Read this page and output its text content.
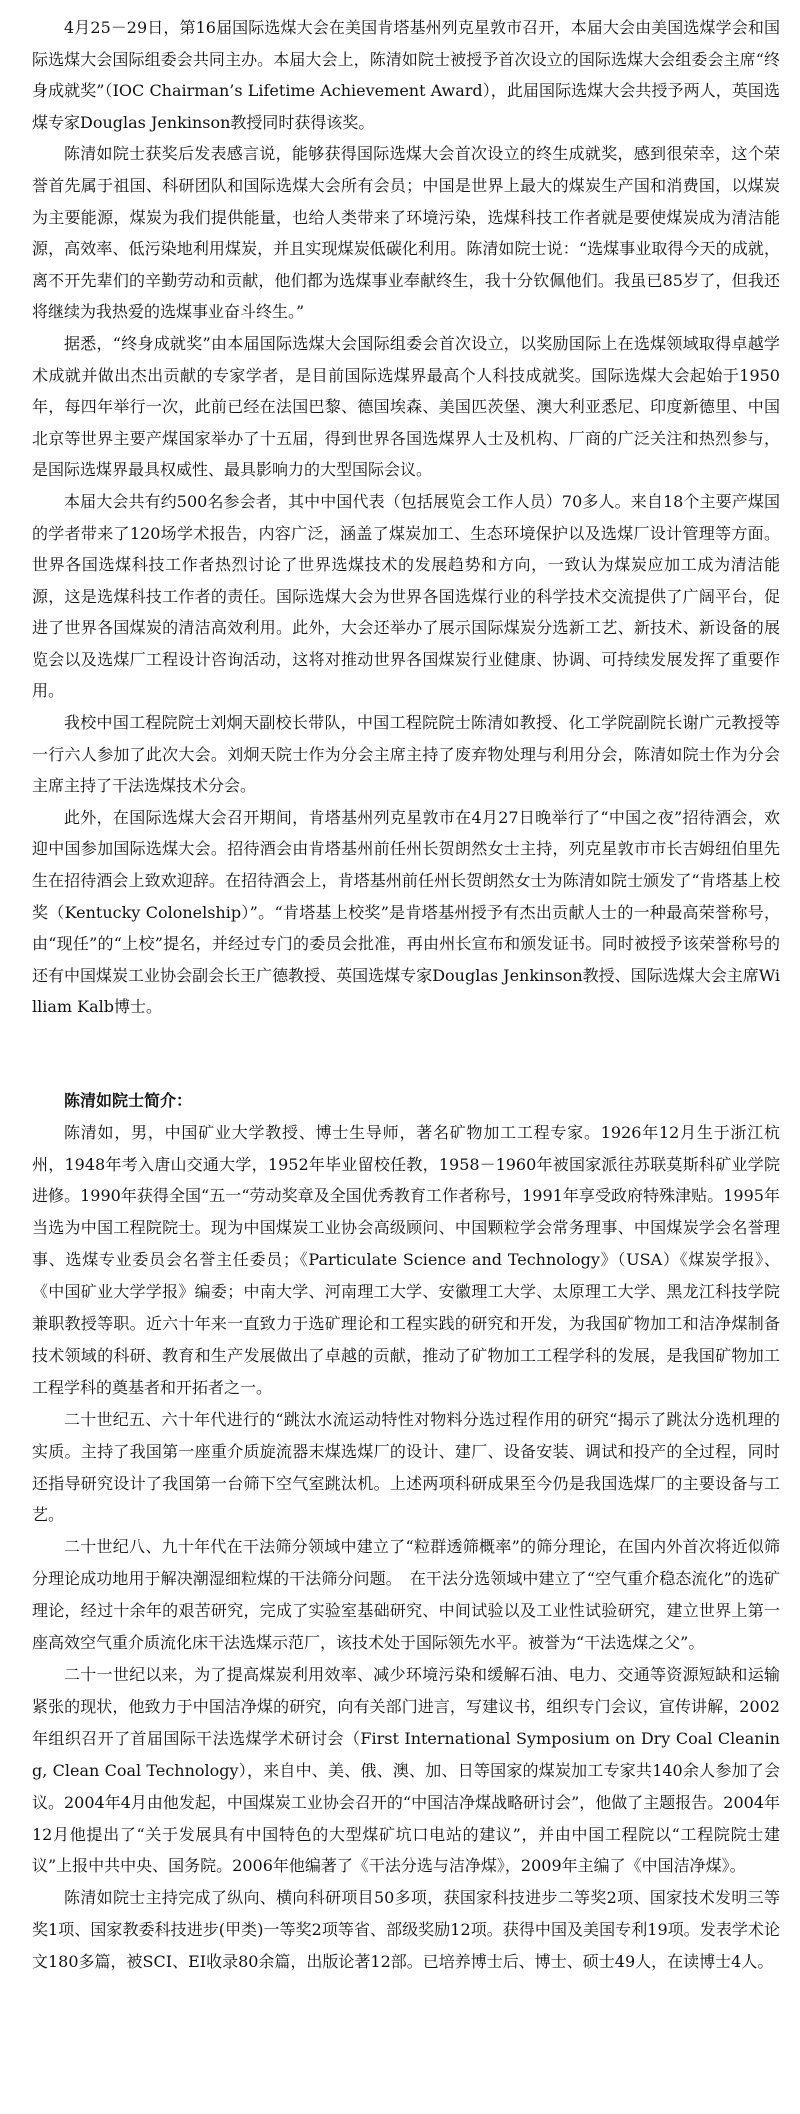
4月25－29日，第16届国际选煤大会在美国肯塔基州列克星敦市召开，本届大会由美国选煤学会和国际选煤大会国际组委会共同主办。本届大会上，陈清如院士被授予首次设立的国际选煤大会组委会主席“终身成就奖”（IOC Chairman’s Lifetime Achievement Award），此届国际选煤大会共授予两人，英国选煤专家Douglas Jenkinson教授同时获得该奖。

陈清如院士获奖后发表感言说，能够获得国际选煤大会首次设立的终生成就奖，感到很荣幸，这个荣誉首先属于祖国、科研团队和国际选煤大会所有会员；中国是世界上最大的煤炭生产国和消费国，以煤炭为主要能源，煤炭为我们提供能量，也给人类带来了环境污染，选煤科技工作者就是要使煤炭成为清洁能源，高效率、低污染地利用煤炭，并且实现煤炭低碳化利用。陈清如院士说：“选煤事业取得今天的成就，离不开先辈们的辛勤劳动和贡献，他们都为选煤事业奉献终生，我十分钦佩他们。我虽已85岁了，但我还将继续为我热爱的选煤事业奋斗终生。”

据悉，“终身成就奖”由本届国际选煤大会国际组委会首次设立，以奖励国际上在选煤领域取得卓越学术成就并做出杰出贡献的专家学者，是目前国际选煤界最高个人科技成就奖。国际选煤大会起始于1950年，每四年举行一次，此前已经在法国巴黎、德国埃森、美国匹茨堡、澳大利亚悉尼、印度新德里、中国北京等世界主要产煤国家举办了十五届，得到世界各国选煤界人士及机构、厂商的广泛关注和热烈参与，是国际选煤界最具权威性、最具影响力的大型国际会议。

本届大会共有约500名参会者，其中中国代表（包括展览会工作人员）70多人。来自18个主要产煤国的学者带来了120场学术报告，内容广泛，涵盖了煤炭加工、生态环境保护以及选煤厂设计管理等方面。世界各国选煤科技工作者热烈讨论了世界选煤技术的发展趋势和方向，一致认为煤炭应加工成为清洁能源，这是选煤科技工作者的责任。国际选煤大会为世界各国选煤行业的科学技术交流提供了广阔平台，促进了世界各国煤炭的清洁高效利用。此外，大会还举办了展示国际煤炭分选新工艺、新技术、新设备的展览会以及选煤厂工程设计咨询活动，这将对推动世界各国煤炭行业健康、协调、可持续发展发挥了重要作用。

我校中国工程院院士刘炯天副校长带队，中国工程院院士陈清如教授、化工学院副院长谢广元教授等一行六人参加了此次大会。刘炯天院士作为分会主席主持了废弃物处理与利用分会，陈清如院士作为分会主席主持了干法选煤技术分会。

此外，在国际选煤大会召开期间，肯塔基州列克星敦市在4月27日晚举行了“中国之夜”招待酒会，欢迎中国参加国际选煤大会。招待酒会由肯塔基州前任州长贺朗然女士主持，列克星敦市市长吉姆纽伯里先生在招待酒会上致欢迎辞。在招待酒会上，肯塔基州前任州长贺朗然女士为陈清如院士颁发了“肯塔基上校奖（Kentucky Colonelship）”。“肯塔基上校奖”是肯塔基州授予有杰出贡献人士的一种最高荣誉称号，由“现任”的“上校”提名，并经过专门的委员会批准，再由州长宣布和颁发证书。同时被授予该荣誉称号的还有中国煤炭工业协会副会长王广德教授、英国选煤专家Douglas Jenkinson教授、国际选煤大会主席William Kalb博士。

陈清如院士简介：

陈清如，男，中国矿业大学教授、博士生导师，著名矿物加工工程专家。1926年12月生于浙江杭州，1948年考入唐山交通大学，1952年毕业留校任教，1958－1960年被国家派往苏联莫斯科矿业学院进修。1990年获得全国“五一“劳动奖章及全国优秀教育工作者称号，1991年享受政府特殊津贴。1995年当选为中国工程院院士。现为中国煤炭工业协会高级顾问、中国颗粒学会常务理事、中国煤炭学会名誉理事、选煤专业委员会名誉主任委员；《Particulate Science and Technology》（USA）《煤炭学报》、《中国矿业大学学报》编委；中南大学、河南理工大学、安徽理工大学、太原理工大学、黑龙江科技学院兼职教授等职。近六十年来一直致力于选矿理论和工程实践的研究和开发，为我国矿物加工和洁净煤制备技术领域的科研、教育和生产发展做出了卓越的贡献，推动了矿物加工工程学科的发展，是我国矿物加工工程学科的奠基者和开拓者之一。

二十世纪五、六十年代进行的“跳汰水流运动特性对物料分选过程作用的研究“揭示了跳汰分选机理的实质。主持了我国第一座重介质旋流器末煤选煤厂的设计、建厂、设备安装、调试和投产的全过程，同时还指导研究设计了我国第一台筛下空气室跳汰机。上述两项科研成果至今仍是我国选煤厂的主要设备与工艺。

二十世纪八、九十年代在干法筛分领域中建立了“粒群透筛概率”的筛分理论，在国内外首次将近似筛分理论成功地用于解决潮湿细粒煤的干法筛分问题。　在干法分选领域中建立了“空气重介稳态流化”的选矿理论，经过十余年的艰苦研究，完成了实验室基础研究、中间试验以及工业性试验研究，建立世界上第一座高效空气重介质流化床干法选煤示范厂，该技术处于国际领先水平。被誉为“干法选煤之父”。

二十一世纪以来，为了提高煤炭利用效率、减少环境污染和缓解石油、电力、交通等资源短缺和运输紧张的现状，他致力于中国洁净煤的研究，向有关部门进言，写建议书，组织专门会议，宣传讲解，2002年组织召开了首届国际干法选煤学术研讨会（First International Symposium on Dry Coal Cleaning, Clean Coal Technology），来自中、美、俄、澳、加、日等国家的煤炭加工专家共140余人参加了会议。2004年4月由他发起，中国煤炭工业协会召开的“中国洁净煤战略研讨会”，他做了主题报告。2004年12月他提出了“关于发展具有中国特色的大型煤矿坑口电站的建议”，并由中国工程院以“工程院院士建议”上报中共中央、国务院。2006年他编著了《干法分选与洁净煤》，2009年主编了《中国洁净煤》。

陈清如院士主持完成了纵向、横向科研项目50多项，获国家科技进步二等奖2项、国家技术发明三等奖1项、国家教委科技进步(甲类)一等奖2项等省、部级奖励12项。获得中国及美国专利19项。发表学术论文180多篇，被SCI、EI收录80余篇，出版论著12部。已培养博士后、博士、硕士49人，在读博士4人。
